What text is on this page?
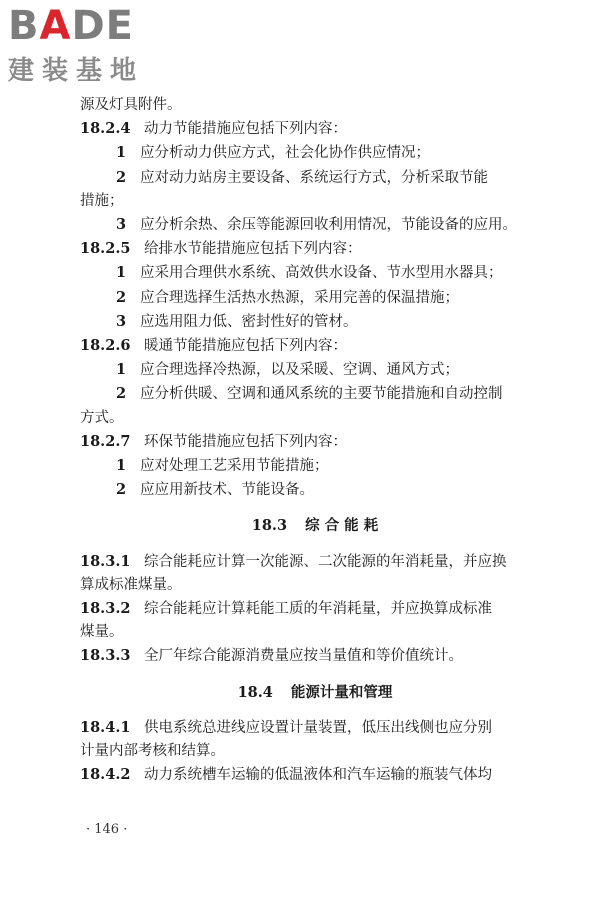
BADE
建装基地
源及灯具附件。
18.2.4 动力节能措施应包括下列内容：
1 应分析动力供应方式，社会化协作供应情况；
2 应对动力站房主要设备、系统运行方式，分析采取节能
措施；
3 应分析余热、余压等能源回收利用情况，节能设备的应用。
18.2.5 给排水节能措施应包括下列内容：
1 应采用合理供水系统、高效供水设备、节水型用水器具；
2 应合理选择生活热水热源，采用完善的保温措施；
3 应选用阻力低、密封性好的管材。
18.2.6 暖通节能措施应包括下列内容：
1 应合理选择冷热源，以及采暖、空调、通风方式；
2 应分析供暖、空调和通风系统的主要节能措施和自动控制
方式。
18.2.7 环保节能措施应包括下列内容：
1 应对处理工艺采用节能措施；
2 应应用新技术、节能设备。
18.3 综 合 能 耗
18.3.1 综合能耗应计算一次能源、二次能源的年消耗量，并应换
算成标准煤量。
18.3.2 综合能耗应计算耗能工质的年消耗量，并应换算成标准
煤量。
18.3.3 全厂年综合能源消费量应按当量值和等价值统计。
18.4 能源计量和管理
18.4.1 供电系统总进线应设置计量装置，低压出线侧也应分别
计量内部考核和结算。
18.4.2 动力系统槽车运输的低温液体和汽车运输的瓶装气体均
· 146 ·
